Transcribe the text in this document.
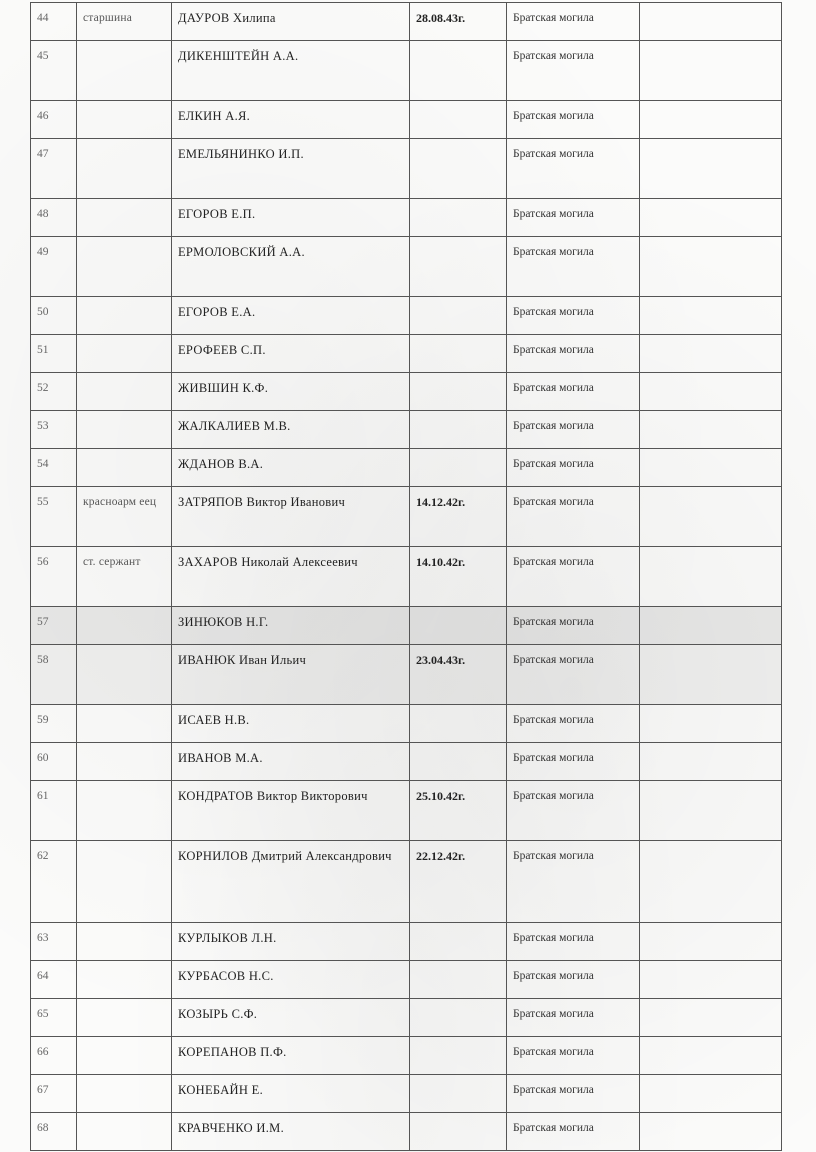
44	старшина	ДАУРОВ Хилипа	28.08.43г.	Братская могила	
45		ДИКЕНШТЕЙН А.А.		Братская могила	
46		ЕЛКИН А.Я.		Братская могила	
47		ЕМЕЛЬЯНИНКО И.П.		Братская могила	
48		ЕГОРОВ Е.П.		Братская могила	
49		ЕРМОЛОВСКИЙ А.А.		Братская могила	
50		ЕГОРОВ Е.А.		Братская могила	
51		ЕРОФЕЕВ С.П.		Братская могила	
52		ЖИВШИН К.Ф.		Братская могила	
53		ЖАЛКАЛИЕВ М.В.		Братская могила	
54		ЖДАНОВ В.А.		Братская могила	
55	красноарм еец	ЗАТРЯПОВ Виктор Иванович	14.12.42г.	Братская могила	
56	ст. сержант	ЗАХАРОВ Николай Алексеевич	14.10.42г.	Братская могила	
57		ЗИНЮКОВ Н.Г.		Братская могила	
58		ИВАНЮК Иван Ильич	23.04.43г.	Братская могила	
59		ИСАЕВ Н.В.		Братская могила	
60		ИВАНОВ М.А.		Братская могила	
61		КОНДРАТОВ Виктор Викторович	25.10.42г.	Братская могила	
62		КОРНИЛОВ Дмитрий Александрович	22.12.42г.	Братская могила	
63		КУРЛЫКОВ Л.Н.		Братская могила	
64		КУРБАСОВ Н.С.		Братская могила	
65		КОЗЫРЬ С.Ф.		Братская могила	
66		КОРЕПАНОВ П.Ф.		Братская могила	
67		КОНЕБАЙН Е.		Братская могила	
68		КРАВЧЕНКО И.М.		Братская могила	
